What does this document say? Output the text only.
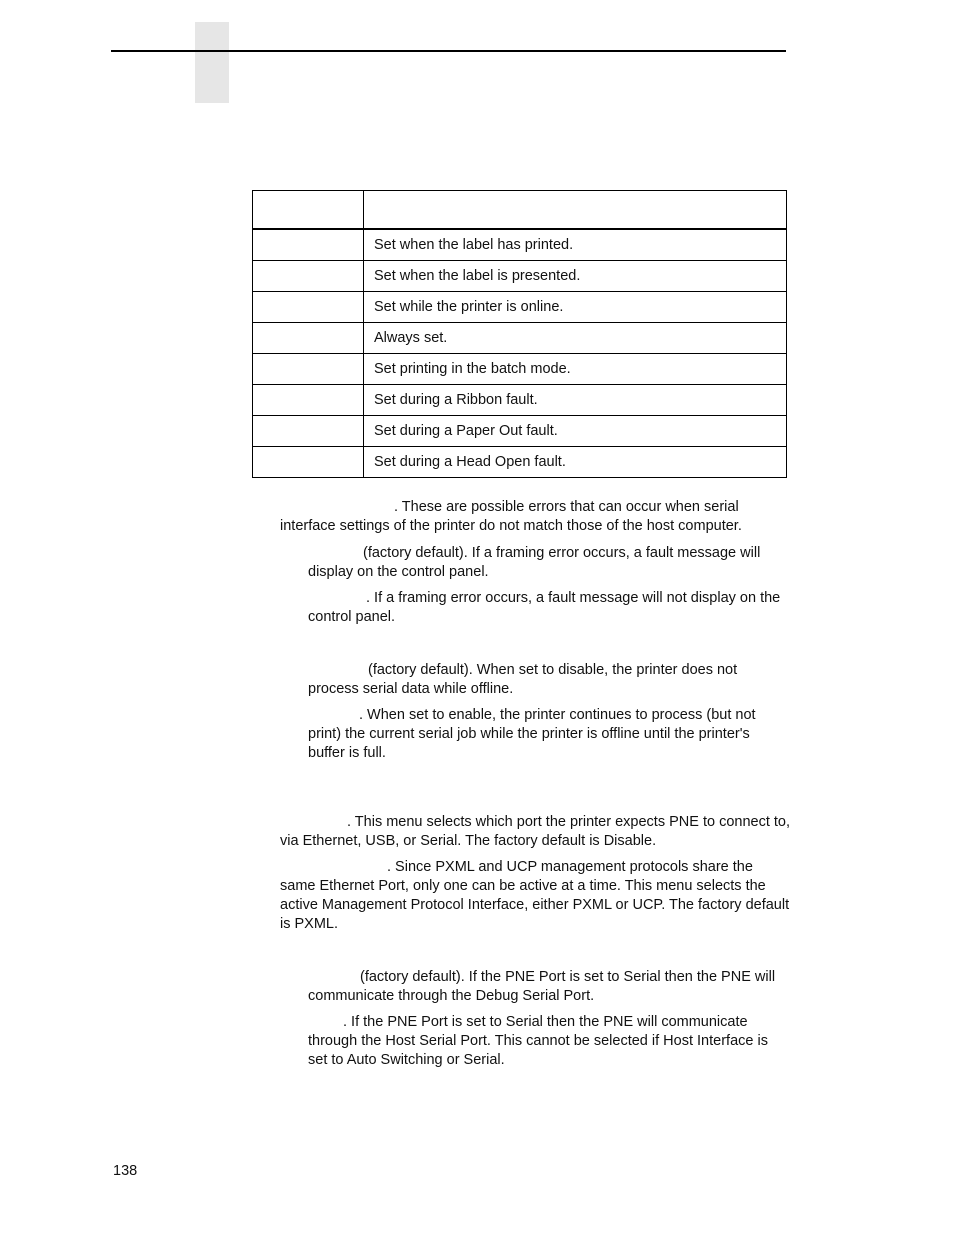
	Set when the label has printed.
	Set when the label is presented.
	Set while the printer is online.
	Always set.
	Set printing in the batch mode.
	Set during a Ribbon fault.
	Set during a Paper Out fault.
	Set during a Head Open fault.

. These are possible errors that can occur when serial interface settings of the printer do not match those of the host computer.

(factory default). If a framing error occurs, a fault message will display on the control panel.

. If a framing error occurs, a fault message will not display on the control panel.

(factory default). When set to disable, the printer does not process serial data while offline.

. When set to enable, the printer continues to process (but not print) the current serial job while the printer is offline until the printer's buffer is full.

. This menu selects which port the printer expects PNE to connect to, via Ethernet, USB, or Serial. The factory default is Disable.

. Since PXML and UCP management protocols share the same Ethernet Port, only one can be active at a time. This menu selects the active Management Protocol Interface, either PXML or UCP. The factory default is PXML.

(factory default). If the PNE Port is set to Serial then the PNE will communicate through the Debug Serial Port.

. If the PNE Port is set to Serial then the PNE will communicate through the Host Serial Port. This cannot be selected if Host Interface is set to Auto Switching or Serial.

138
